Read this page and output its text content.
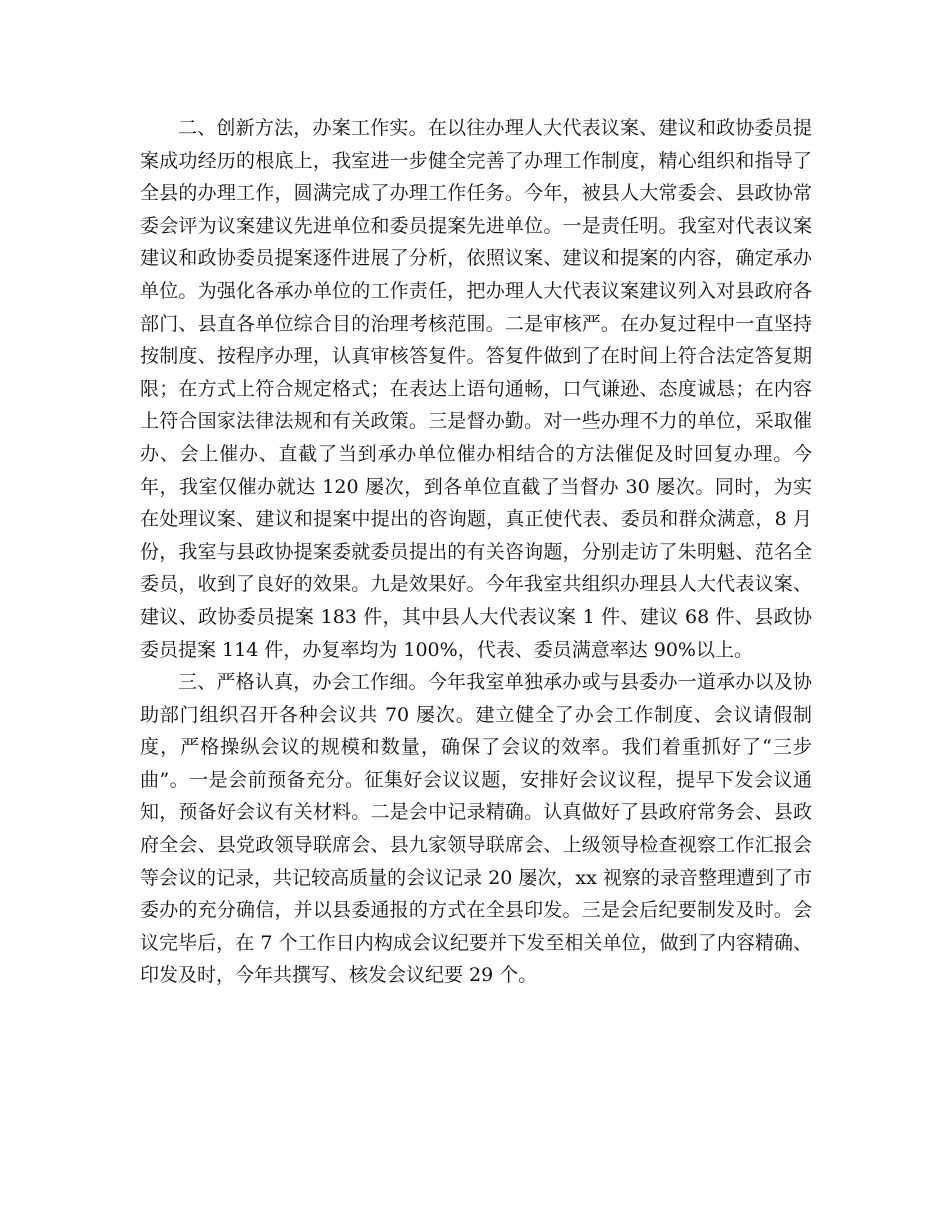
二、创新方法，办案工作实。在以往办理人大代表议案、建议和政协委员提案成功经历的根底上，我室进一步健全完善了办理工作制度，精心组织和指导了全县的办理工作，圆满完成了办理工作任务。今年，被县人大常委会、县政协常委会评为议案建议先进单位和委员提案先进单位。一是责任明。我室对代表议案建议和政协委员提案逐件进展了分析，依照议案、建议和提案的内容，确定承办单位。为强化各承办单位的工作责任，把办理人大代表议案建议列入对县政府各部门、县直各单位综合目的治理考核范围。二是审核严。在办复过程中一直坚持按制度、按程序办理，认真审核答复件。答复件做到了在时间上符合法定答复期限；在方式上符合规定格式；在表达上语句通畅，口气谦逊、态度诚恳；在内容上符合国家法律法规和有关政策。三是督办勤。对一些办理不力的单位，采取催办、会上催办、直截了当到承办单位催办相结合的方法催促及时回复办理。今年，我室仅催办就达 120 屡次，到各单位直截了当督办 30 屡次。同时，为实在处理议案、建议和提案中提出的咨询题，真正使代表、委员和群众满意，8 月份，我室与县政协提案委就委员提出的有关咨询题，分别走访了朱明魁、范名全委员，收到了良好的效果。九是效果好。今年我室共组织办理县人大代表议案、建议、政协委员提案 183 件，其中县人大代表议案 1 件、建议 68 件、县政协委员提案 114 件，办复率均为 100%，代表、委员满意率达 90%以上。

三、严格认真，办会工作细。今年我室单独承办或与县委办一道承办以及协助部门组织召开各种会议共 70 屡次。建立健全了办会工作制度、会议请假制度，严格操纵会议的规模和数量，确保了会议的效率。我们着重抓好了“三步曲”。一是会前预备充分。征集好会议议题，安排好会议议程，提早下发会议通知，预备好会议有关材料。二是会中记录精确。认真做好了县政府常务会、县政府全会、县党政领导联席会、县九家领导联席会、上级领导检查视察工作汇报会等会议的记录，共记较高质量的会议记录 20 屡次，xx 视察的录音整理遭到了市委办的充分确信，并以县委通报的方式在全县印发。三是会后纪要制发及时。会议完毕后，在 7 个工作日内构成会议纪要并下发至相关单位，做到了内容精确、印发及时，今年共撰写、核发会议纪要 29 个。
